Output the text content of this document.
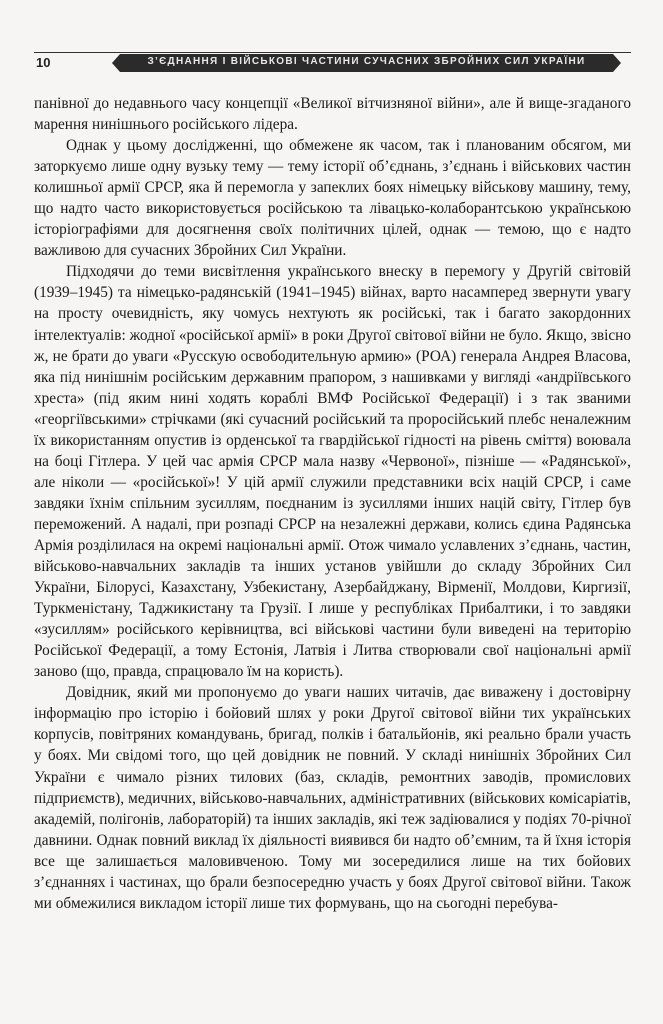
10	З’ЄДНАННЯ І ВІЙСЬКОВІ ЧАСТИНИ СУЧАСНИХ ЗБРОЙНИХ СИЛ УКРАЇНИ

панівної до недавнього часу концепції «Великої вітчизняної війни», але й вище-згаданого марення нинішнього російського лідера.

Однак у цьому дослідженні, що обмежене як часом, так і планованим обсягом, ми заторкуємо лише одну вузьку тему — тему історії об’єднань, з’єднань і військових частин колишньої армії СРСР, яка й перемогла у запеклих боях німецьку військову машину, тему, що надто часто використовується російською та лівацько-колаборантською українською історіографіями для досягнення своїх політичних цілей, однак — темою, що є надто важливою для сучасних Збройних Сил України.

Підходячи до теми висвітлення українського внеску в перемогу у Другій світовій (1939–1945) та німецько-радянській (1941–1945) війнах, варто насамперед звернути увагу на просту очевидність, яку чомусь нехтують як російські, так і багато закордонних інтелектуалів: жодної «російської армії» в роки Другої світової війни не було. Якщо, звісно ж, не брати до уваги «Русскую освободительную армию» (РОА) генерала Андрея Власова, яка під нинішнім російським державним прапором, з нашивками у вигляді «андріївського хреста» (під яким нині ходять кораблі ВМФ Російської Федерації) і з так званими «георгіївськими» стрічками (які сучасний російський та проросійський плебс неналежним їх використанням опустив із орденської та гвардійської гідності на рівень сміття) воювала на боці Гітлера. У цей час армія СРСР мала назву «Червоної», пізніше — «Радянської», але ніколи — «російської»! У цій армії служили представники всіх націй СРСР, і саме завдяки їхнім спільним зусиллям, поєднаним із зусиллями інших націй світу, Гітлер був переможений. А надалі, при розпаді СРСР на незалежні держави, колись єдина Радянська Армія розділилася на окремі національні армії. Отож чимало уславлених з’єднань, частин, військово-навчальних закладів та інших установ увійшли до складу Збройних Сил України, Білорусі, Казахстану, Узбекистану, Азербайджану, Вірменії, Молдови, Киргизії, Туркменістану, Таджикистану та Грузії. І лише у республіках Прибалтики, і то завдяки «зусиллям» російського керівництва, всі військові частини були виведені на територію Російської Федерації, а тому Естонія, Латвія і Литва створювали свої національні армії заново (що, правда, спрацювало їм на користь).

Довідник, який ми пропонуємо до уваги наших читачів, дає виважену і достовірну інформацію про історію і бойовий шлях у роки Другої світової війни тих українських корпусів, повітряних командувань, бригад, полків і батальйонів, які реально брали участь у боях. Ми свідомі того, що цей довідник не повний. У складі нинішніх Збройних Сил України є чимало різних тилових (баз, складів, ремонтних заводів, промислових підприємств), медичних, військово-навчальних, адміністративних (військових комісаріатів, академій, полігонів, лабораторій) та інших закладів, які теж задіювалися у подіях 70-річної давнини. Однак повний виклад їх діяльності виявився би надто об’ємним, та й їхня історія все ще залишається маловивченою. Тому ми зосередилися лише на тих бойових з’єднаннях і частинах, що брали безпосередню участь у боях Другої світової війни. Також ми обмежилися викладом історії лише тих формувань, що на сьогодні перебува-
